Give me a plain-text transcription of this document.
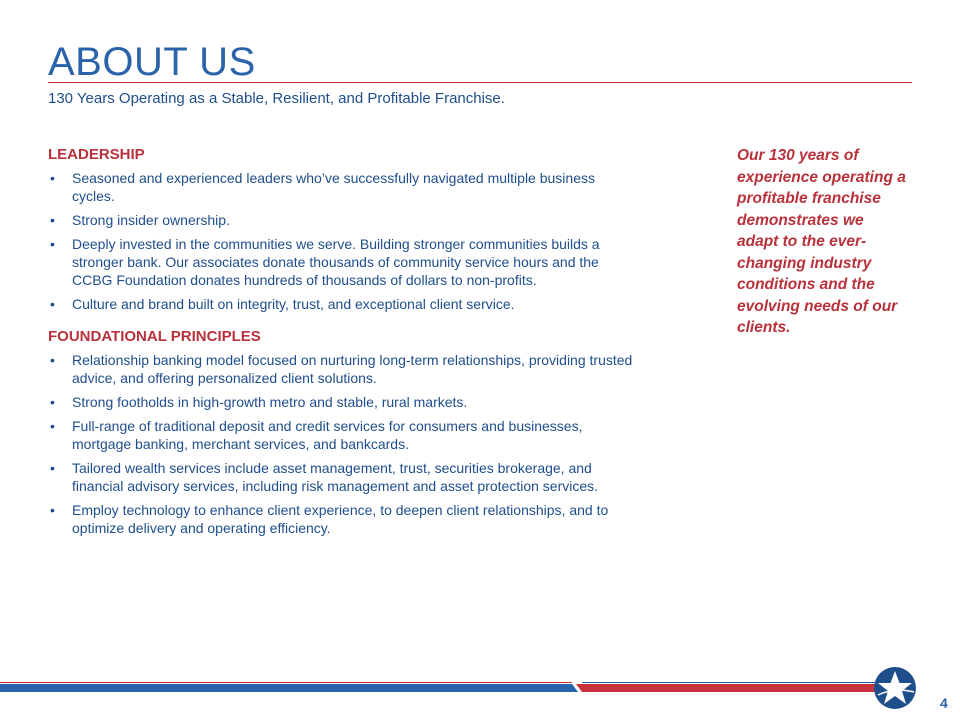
ABOUT US
130 Years Operating as a Stable, Resilient, and Profitable Franchise.
LEADERSHIP
• Seasoned and experienced leaders who’ve successfully navigated multiple business cycles.
• Strong insider ownership.
• Deeply invested in the communities we serve. Building stronger communities builds a stronger bank. Our associates donate thousands of community service hours and the CCBG Foundation donates hundreds of thousands of dollars to non-profits.
• Culture and brand built on integrity, trust, and exceptional client service.
FOUNDATIONAL PRINCIPLES
• Relationship banking model focused on nurturing long-term relationships, providing trusted advice, and offering personalized client solutions.
• Strong footholds in high-growth metro and stable, rural markets.
• Full-range of traditional deposit and credit services for consumers and businesses, mortgage banking, merchant services, and bankcards.
• Tailored wealth services include asset management, trust, securities brokerage, and financial advisory services, including risk management and asset protection services.
• Employ technology to enhance client experience, to deepen client relationships, and to optimize delivery and operating efficiency.
Our 130 years of experience operating a profitable franchise demonstrates we adapt to the ever-changing industry conditions and the evolving needs of our clients.
4
